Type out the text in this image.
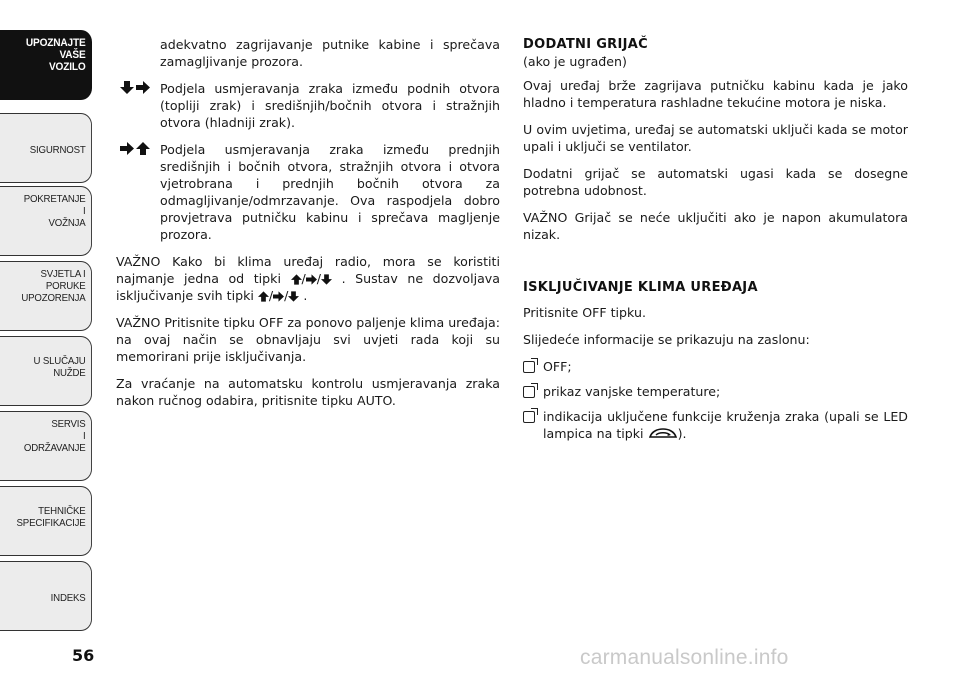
UPOZNAJTE
VAŠE
VOZILO
SIGURNOST
POKRETANJE
I
VOŽNJA
SVJETLA I
PORUKE
UPOZORENJA
U SLUČAJU
NUŽDE
SERVIS
I
ODRŽAVANJE
TEHNIČKE
SPECIFIKACIJE
INDEKS
56

adekvatno zagrijavanje putnike kabine i sprečava zamagljivanje prozora.

Podjela usmjeravanja zraka između podnih otvora (topliji zrak) i središnjih/bočnih otvora i stražnjih otvora (hladniji zrak).
Podjela usmjeravanja zraka između prednjih središnjih i bočnih otvora, stražnjih otvora i otvora vjetrobrana i prednjih bočnih otvora za odmagljivanje/odmrzavanje. Ova raspodjela dobro provjetrava putničku kabinu i sprečava magljenje prozora.

VAŽNO Kako bi klima uređaj radio, mora se koristiti najmanje jedna od tipki / / . Sustav ne dozvoljava isključivanje svih tipki / / .

VAŽNO Pritisnite tipku OFF za ponovo paljenje klima uređaja: na ovaj način se obnavljaju svi uvjeti rada koji su memorirani prije isključivanja.

Za vraćanje na automatsku kontrolu usmjeravanja zraka nakon ručnog odabira, pritisnite tipku AUTO.

DODATNI GRIJAČ

(ako je ugrađen)

Ovaj uređaj brže zagrijava putničku kabinu kada je jako hladno i temperatura rashladne tekućine motora je niska.

U ovim uvjetima, uređaj se automatski uključi kada se motor upali i uključi se ventilator.

Dodatni grijač se automatski ugasi kada se dosegne potrebna udobnost.

VAŽNO Grijač se neće uključiti ako je napon akumulatora nizak.

ISKLJUČIVANJE KLIMA UREĐAJA

Pritisnite OFF tipku.

Slijedeće informacije se prikazuju na zaslonu:

OFF;
prikaz vanjske temperature;
indikacija uključene funkcije kruženja zraka (upali se LED lampica na tipki	).
carmanualsonline.info
